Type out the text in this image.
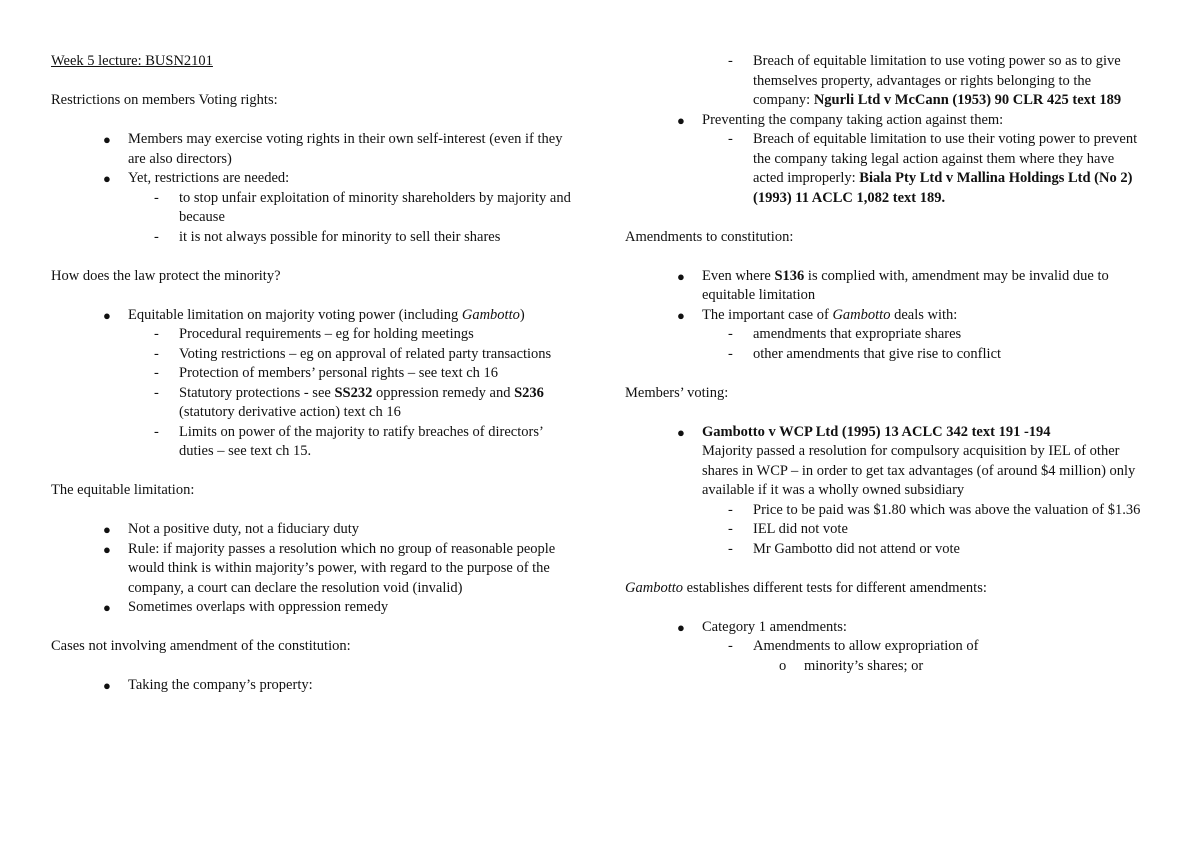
Week 5 lecture: BUSN2101

Restrictions on members Voting rights:

● Members may exercise voting rights in their own self-interest (even if they are also directors)
● Yet, restrictions are needed:
- to stop unfair exploitation of minority shareholders by majority and because
- it is not always possible for minority to sell their shares

How does the law protect the minority?

● Equitable limitation on majority voting power (including Gambotto)
- Procedural requirements – eg for holding meetings
- Voting restrictions – eg on approval of related party transactions
- Protection of members’ personal rights – see text ch 16
- Statutory protections - see SS232 oppression remedy and S236 (statutory derivative action) text ch 16
- Limits on power of the majority to ratify breaches of directors’ duties – see text ch 15.

The equitable limitation:

● Not a positive duty, not a fiduciary duty
● Rule: if majority passes a resolution which no group of reasonable people would think is within majority’s power, with regard to the purpose of the company, a court can declare the resolution void (invalid)
● Sometimes overlaps with oppression remedy

Cases not involving amendment of the constitution:

● Taking the company’s property:
- Breach of equitable limitation to use voting power so as to give themselves property, advantages or rights belonging to the company: Ngurli Ltd v McCann (1953) 90 CLR 425 text 189
● Preventing the company taking action against them:
- Breach of equitable limitation to use their voting power to prevent the company taking legal action against them where they have acted improperly: Biala Pty Ltd v Mallina Holdings Ltd (No 2) (1993) 11 ACLC 1,082 text 189.

Amendments to constitution:

● Even where S136 is complied with, amendment may be invalid due to equitable limitation
● The important case of Gambotto deals with:
- amendments that expropriate shares
- other amendments that give rise to conflict

Members’ voting:

● Gambotto v WCP Ltd (1995) 13 ACLC 342 text 191 -194
Majority passed a resolution for compulsory acquisition by IEL of other shares in WCP – in order to get tax advantages (of around $4 million) only available if it was a wholly owned subsidiary
- Price to be paid was $1.80 which was above the valuation of $1.36
- IEL did not vote
- Mr Gambotto did not attend or vote

Gambotto establishes different tests for different amendments:

● Category 1 amendments:
- Amendments to allow expropriation of
o minority’s shares; or
